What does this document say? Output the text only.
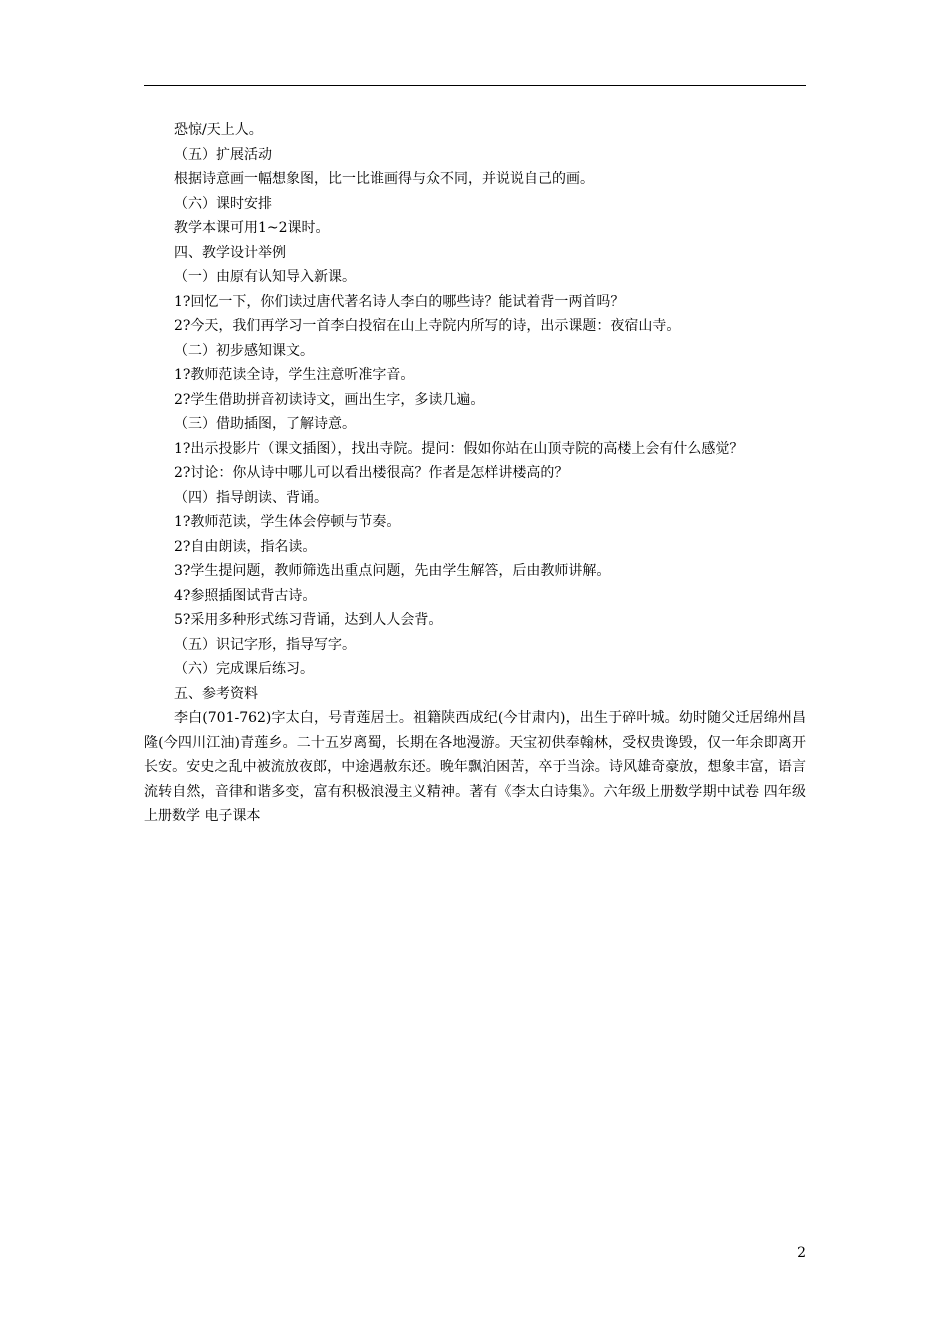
恐惊/天上人。

（五）扩展活动

根据诗意画一幅想象图，比一比谁画得与众不同，并说说自己的画。

（六）课时安排

教学本课可用1~2课时。

四、教学设计举例

（一）由原有认知导入新课。

1?回忆一下，你们读过唐代著名诗人李白的哪些诗？能试着背一两首吗？

2?今天，我们再学习一首李白投宿在山上寺院内所写的诗，出示课题：夜宿山寺。

（二）初步感知课文。

1?教师范读全诗，学生注意听准字音。

2?学生借助拼音初读诗文，画出生字，多读几遍。

（三）借助插图，了解诗意。

1?出示投影片（课文插图），找出寺院。提问：假如你站在山顶寺院的高楼上会有什么感觉？

2?讨论：你从诗中哪儿可以看出楼很高？作者是怎样讲楼高的？

（四）指导朗读、背诵。

1?教师范读，学生体会停顿与节奏。

2?自由朗读，指名读。

3?学生提问题，教师筛选出重点问题，先由学生解答，后由教师讲解。

4?参照插图试背古诗。

5?采用多种形式练习背诵，达到人人会背。

（五）识记字形，指导写字。

（六）完成课后练习。

五、参考资料

李白(701-762)字太白，号青莲居士。祖籍陕西成纪(今甘肃内)，出生于碎叶城。幼时随父迁居绵州昌隆(今四川江油)青莲乡。二十五岁离蜀，长期在各地漫游。天宝初供奉翰林，受权贵谗毁，仅一年余即离开长安。安史之乱中被流放夜郎，中途遇赦东还。晚年飘泊困苦，卒于当涂。诗风雄奇豪放，想象丰富，语言流转自然，音律和谐多变，富有积极浪漫主义精神。著有《李太白诗集》。六年级上册数学期中试卷 四年级上册数学 电子课本

2
